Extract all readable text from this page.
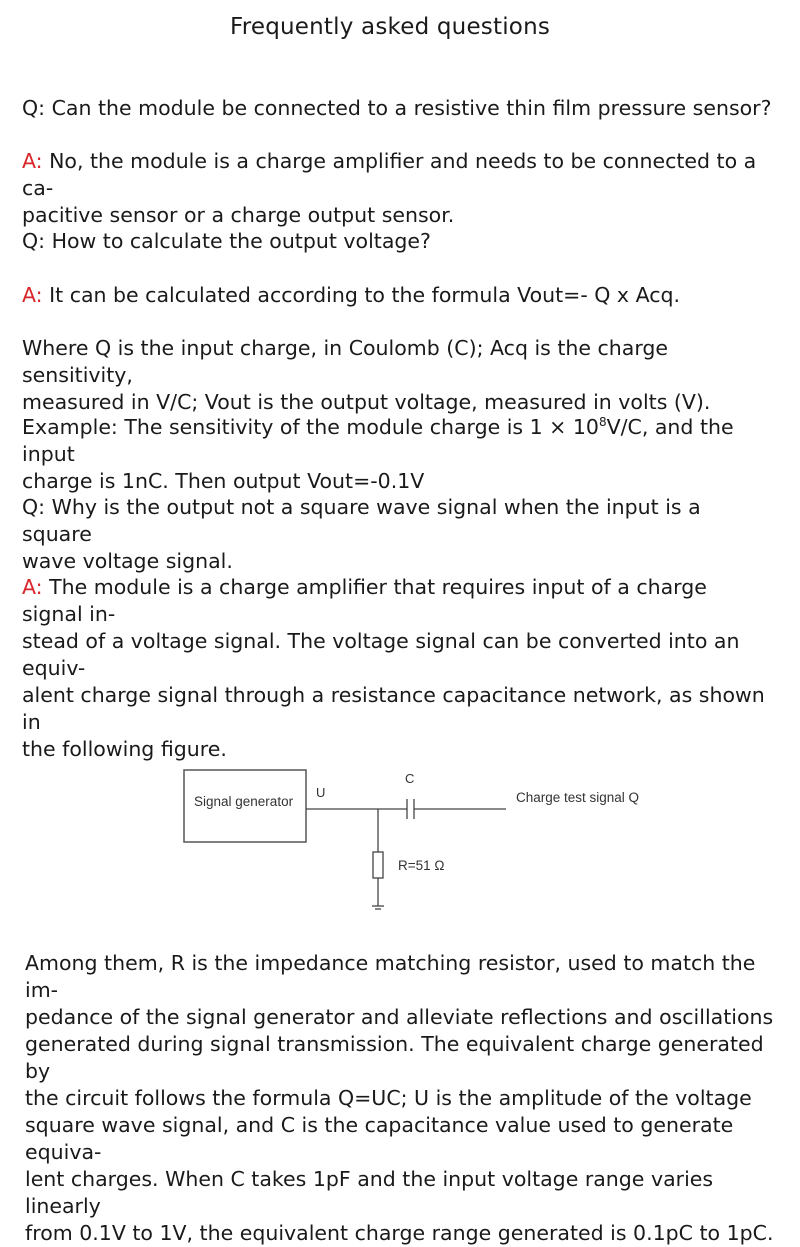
Frequently asked questions
Q: Can the module be connected to a resistive thin film pressure sensor?
A: No, the module is a charge amplifier and needs to be connected to a ca-
pacitive sensor or a charge output sensor.
Q: How to calculate the output voltage?
A: It can be calculated according to the formula Vout=- Q x Acq.
Where Q is the input charge, in Coulomb (C); Acq is the charge sensitivity,
measured in V/C; Vout is the output voltage, measured in volts (V).
Example: The sensitivity of the module charge is $1 \times 10^8V/C$, and the input
charge is 1nC. Then output Vout=-0.1V
Q: Why is the output not a square wave signal when the input is a square
wave voltage signal.
A: The module is a charge amplifier that requires input of a charge signal in-
stead of a voltage signal. The voltage signal can be converted into an equiv-
alent charge signal through a resistance capacitance network, as shown in
the following figure.
Signal generator
U
C
Charge test signal Q
R=51 Ω
Among them, R is the impedance matching resistor, used to match the im-
pedance of the signal generator and alleviate reflections and oscillations
generated during signal transmission. The equivalent charge generated by
the circuit follows the formula Q=UC; U is the amplitude of the voltage
square wave signal, and C is the capacitance value used to generate equiva-
lent charges. When C takes 1pF and the input voltage range varies linearly
from 0.1V to 1V, the equivalent charge range generated is 0.1pC to 1pC.
